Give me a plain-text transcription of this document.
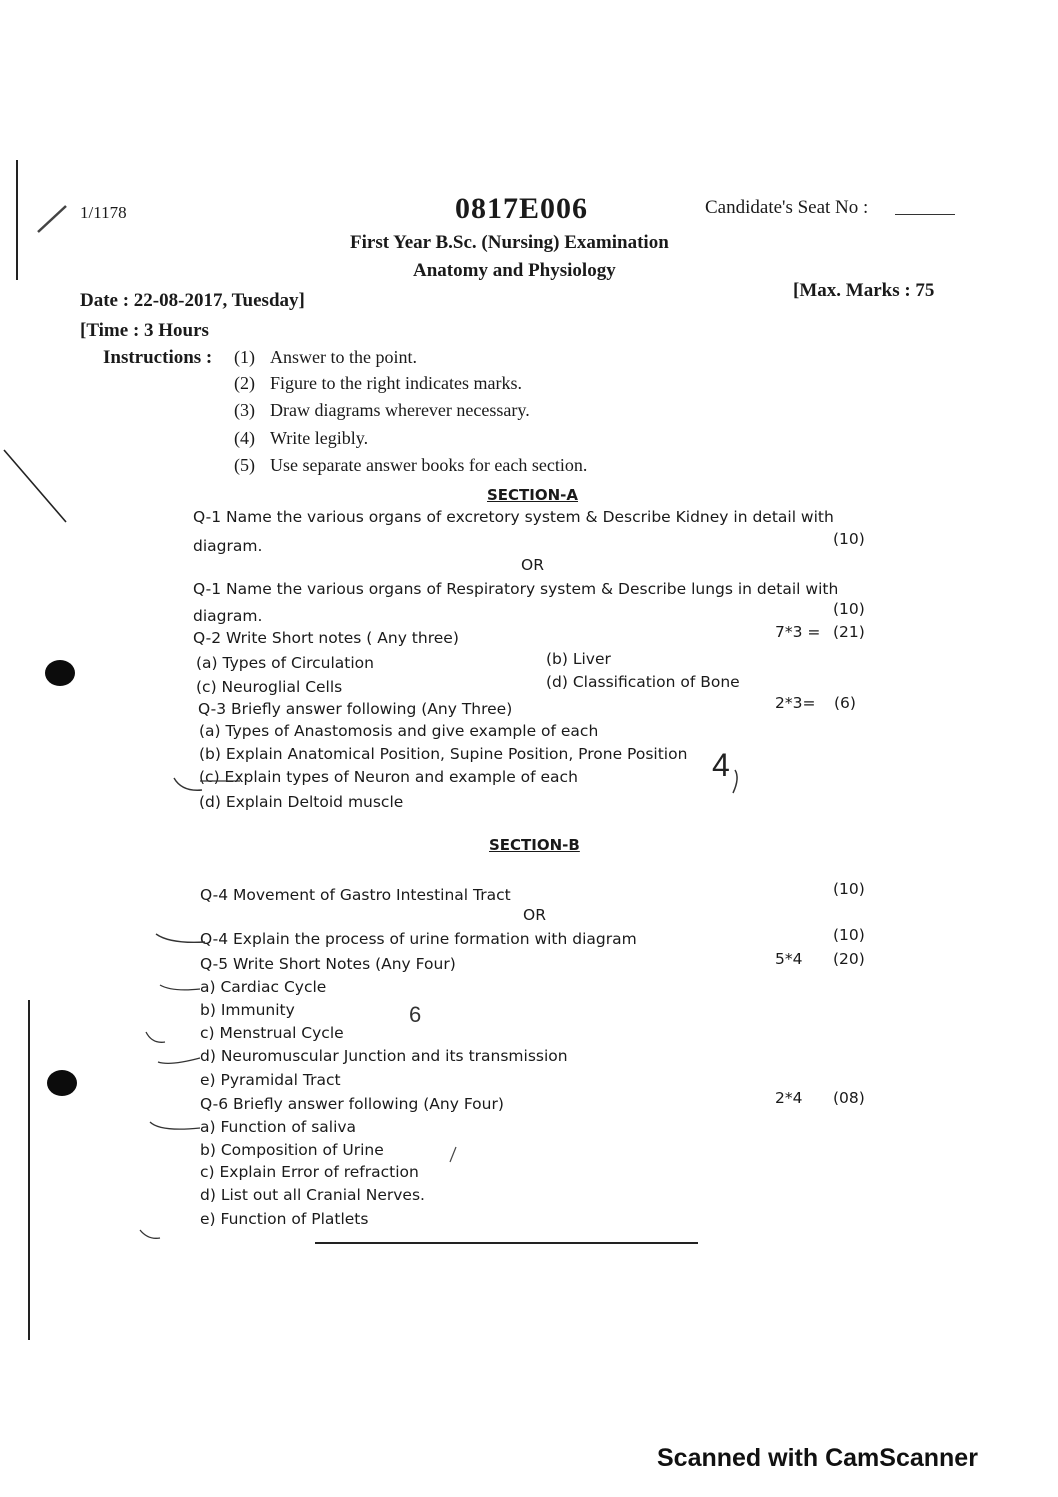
1/1178	0817E006	Candidate's Seat No :
First Year B.Sc. (Nursing) Examination
Anatomy and Physiology
Date : 22-08-2017, Tuesday]	[Max. Marks : 75
[Time : 3 Hours
Instructions : (1) Answer to the point.
(2) Figure to the right indicates marks.
(3) Draw diagrams wherever necessary.
(4) Write legibly.
(5) Use separate answer books for each section.
SECTION-A
Q-1 Name the various organs of excretory system & Describe Kidney in detail with
diagram.	(10)
OR
Q-1 Name the various organs of Respiratory system & Describe lungs in detail with
diagram.	(10)
Q-2 Write Short notes ( Any three)	7*3 = (21)
(a) Types of Circulation	(b) Liver
(c) Neuroglial Cells	(d) Classification of Bone
Q-3 Briefly answer following (Any Three)	2*3= (6)
(a) Types of Anastomosis and give example of each
(b) Explain Anatomical Position, Supine Position, Prone Position
(c) Explain types of Neuron and example of each
(d) Explain Deltoid muscle
SECTION-B
Q-4 Movement of Gastro Intestinal Tract	(10)
OR
Q-4 Explain the process of urine formation with diagram	(10)
Q-5 Write Short Notes (Any Four)	5*4 (20)
a) Cardiac Cycle
b) Immunity
c) Menstrual Cycle
d) Neuromuscular Junction and its transmission
e) Pyramidal Tract
Q-6 Briefly answer following (Any Four)	2*4 (08)
a) Function of saliva
b) Composition of Urine
c) Explain Error of refraction
d) List out all Cranial Nerves.
e) Function of Platlets
4
6
Scanned with CamScanner
